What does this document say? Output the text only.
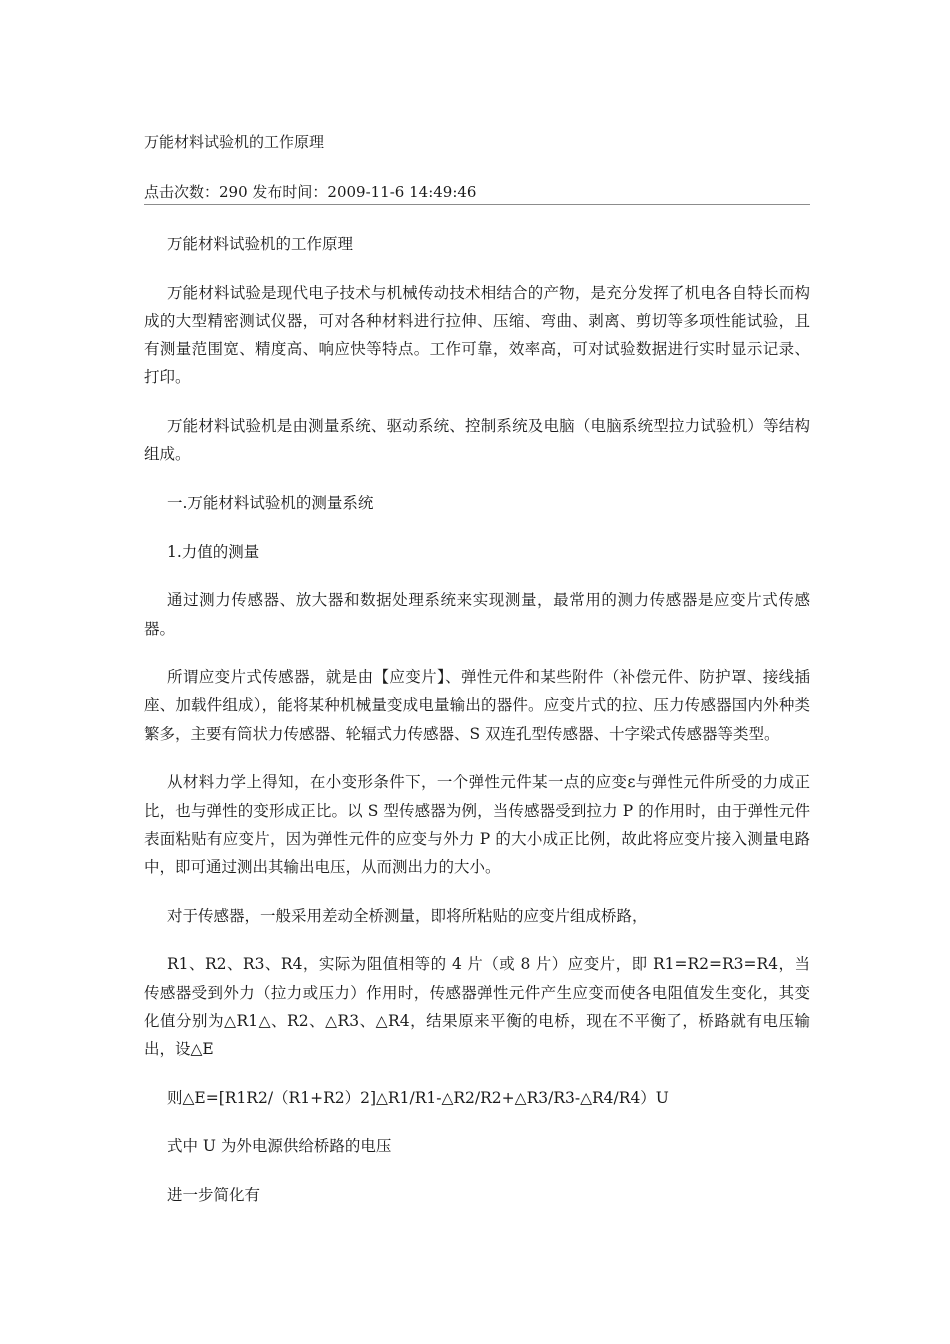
万能材料试验机的工作原理
点击次数：290 发布时间：2009-11-6 14:49:46

万能材料试验机的工作原理

万能材料试验是现代电子技术与机械传动技术相结合的产物，是充分发挥了机电各自特长而构成的大型精密测试仪器，可对各种材料进行拉伸、压缩、弯曲、剥离、剪切等多项性能试验，且有测量范围宽、精度高、响应快等特点。工作可靠，效率高，可对试验数据进行实时显示记录、打印。

万能材料试验机是由测量系统、驱动系统、控制系统及电脑（电脑系统型拉力试验机）等结构组成。

一.万能材料试验机的测量系统

1.力值的测量

通过测力传感器、放大器和数据处理系统来实现测量，最常用的测力传感器是应变片式传感器。

所谓应变片式传感器，就是由【应变片】、弹性元件和某些附件（补偿元件、防护罩、接线插座、加载件组成），能将某种机械量变成电量输出的器件。应变片式的拉、压力传感器国内外种类繁多，主要有筒状力传感器、轮辐式力传感器、S 双连孔型传感器、十字梁式传感器等类型。

从材料力学上得知，在小变形条件下，一个弹性元件某一点的应变ε与弹性元件所受的力成正比，也与弹性的变形成正比。以 S 型传感器为例，当传感器受到拉力 P 的作用时，由于弹性元件表面粘贴有应变片，因为弹性元件的应变与外力 P 的大小成正比例，故此将应变片接入测量电路中，即可通过测出其输出电压，从而测出力的大小。

对于传感器，一般采用差动全桥测量，即将所粘贴的应变片组成桥路，

R1、R2、R3、R4，实际为阻值相等的 4 片（或 8 片）应变片，即 R1=R2=R3=R4，当传感器受到外力（拉力或压力）作用时，传感器弹性元件产生应变而使各电阻值发生变化，其变化值分别为△R1△、R2、△R3、△R4，结果原来平衡的电桥，现在不平衡了，桥路就有电压输出，设△E

则△E=[R1R2/（R1+R2）2]△R1/R1-△R2/R2+△R3/R3-△R4/R4）U

式中 U 为外电源供给桥路的电压

进一步简化有
